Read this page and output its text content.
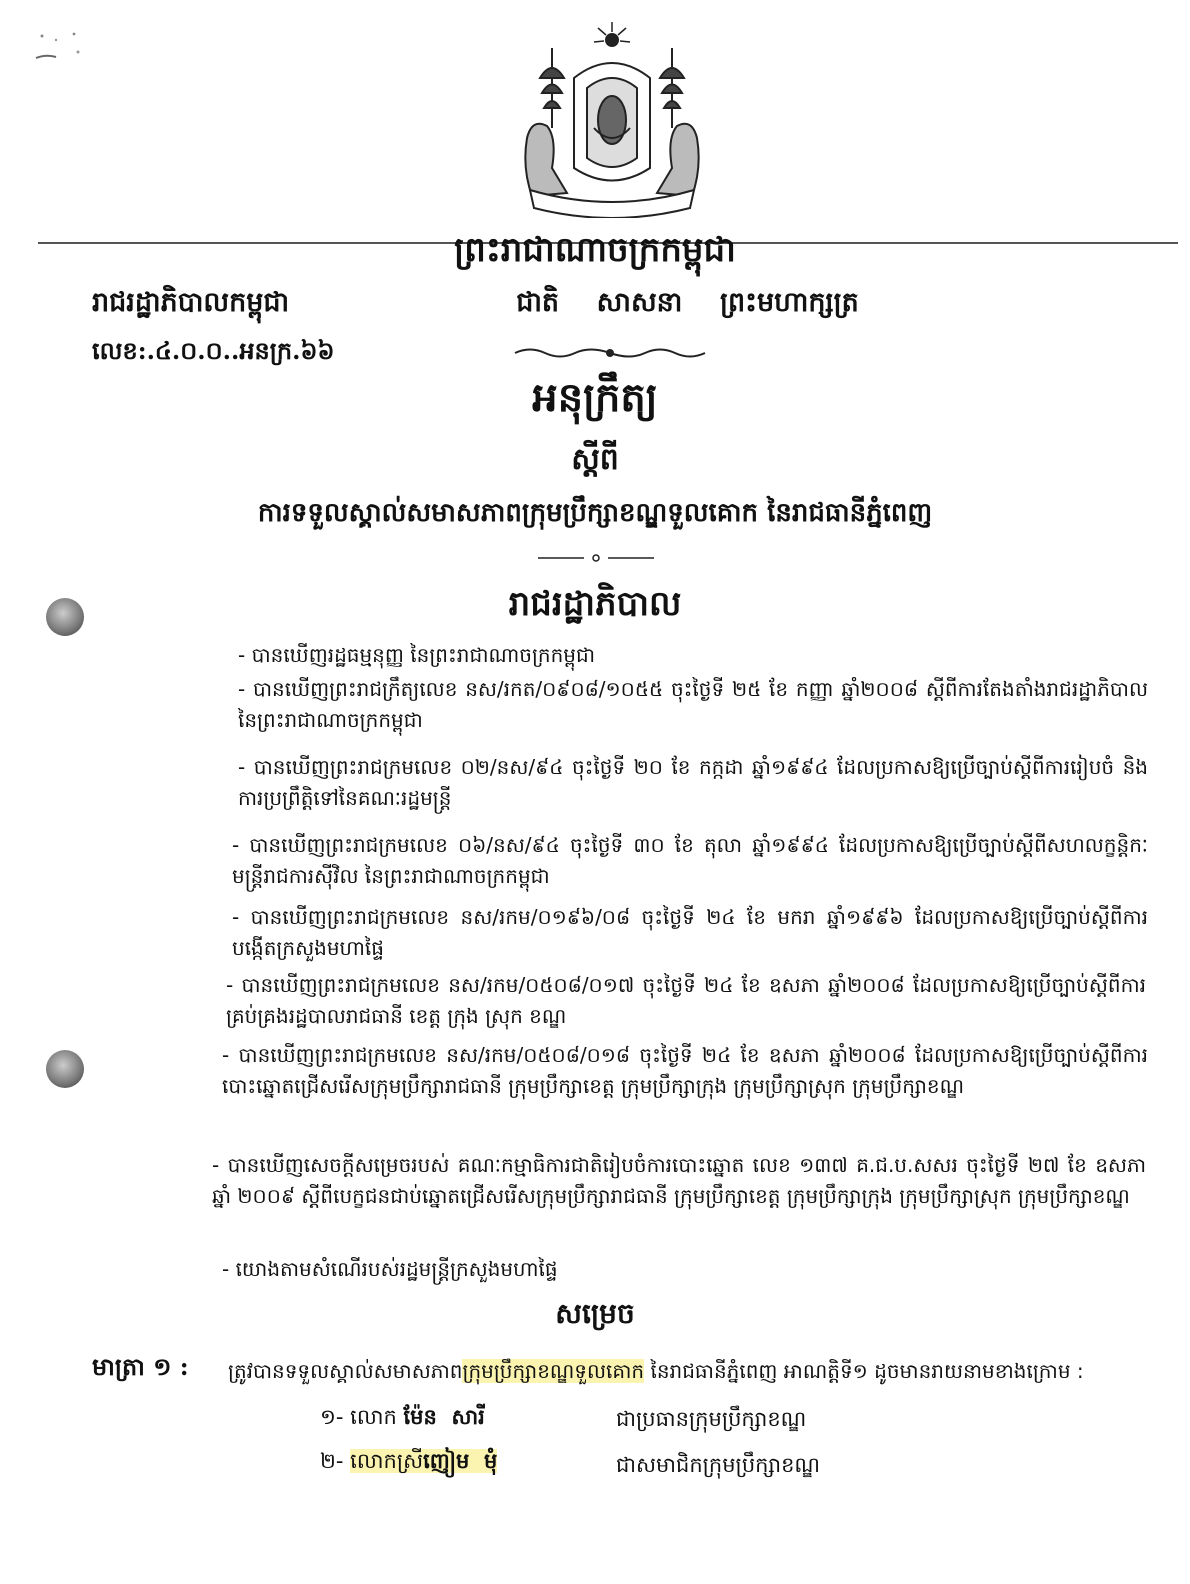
ព្រះរាជាណាចក្រកម្ពុជា
រាជរដ្ឋាភិបាលកម្ពុជា	ជាតិ    សាសនា    ព្រះមហាក្សត្រ
លេខ:.៤.០.០..អនក្រ.៦៦
អនុក្រឹត្យ
ស្តីពី
ការទទួលស្គាល់សមាសភាពក្រុមប្រឹក្សាខណ្ឌទួលគោក នៃរាជធានីភ្នំពេញ
រាជរដ្ឋាភិបាល
- បានឃើញរដ្ឋធម្មនុញ្ញ នៃព្រះរាជាណាចក្រកម្ពុជា
- បានឃើញព្រះរាជក្រឹត្យលេខ នស/រកត/០៩០៨/១០៥៥ ចុះថ្ងៃទី ២៥ ខែ កញ្ញា ឆ្នាំ២០០៨ ស្តីពីការតែងតាំងរាជរដ្ឋាភិបាល នៃព្រះរាជាណាចក្រកម្ពុជា
- បានឃើញព្រះរាជក្រមលេខ ០២/នស/៩៤ ចុះថ្ងៃទី ២០ ខែ កក្កដា ឆ្នាំ១៩៩៤ ដែលប្រកាសឱ្យប្រើច្បាប់ស្តីពីការរៀបចំ និងការប្រព្រឹត្តិទៅនៃគណៈរដ្ឋមន្ត្រី
- បានឃើញព្រះរាជក្រមលេខ ០៦/នស/៩៤ ចុះថ្ងៃទី ៣០ ខែ តុលា ឆ្នាំ១៩៩៤ ដែលប្រកាសឱ្យប្រើច្បាប់ស្តីពីសហលក្ខន្តិកៈមន្ត្រីរាជការស៊ីវិល នៃព្រះរាជាណាចក្រកម្ពុជា
- បានឃើញព្រះរាជក្រមលេខ នស/រកម/០១៩៦/០៨ ចុះថ្ងៃទី ២៤ ខែ មករា ឆ្នាំ១៩៩៦ ដែលប្រកាសឱ្យប្រើច្បាប់ស្តីពីការបង្កើតក្រសួងមហាផ្ទៃ
- បានឃើញព្រះរាជក្រមលេខ នស/រកម/០៥០៨/០១៧ ចុះថ្ងៃទី ២៤ ខែ ឧសភា ឆ្នាំ២០០៨ ដែលប្រកាសឱ្យប្រើច្បាប់ស្តីពីការគ្រប់គ្រងរដ្ឋបាលរាជធានី ខេត្ត ក្រុង ស្រុក ខណ្ឌ
- បានឃើញព្រះរាជក្រមលេខ នស/រកម/០៥០៨/០១៨ ចុះថ្ងៃទី ២៤ ខែ ឧសភា ឆ្នាំ២០០៨ ដែលប្រកាសឱ្យប្រើច្បាប់ស្តីពីការបោះឆ្នោតជ្រើសរើសក្រុមប្រឹក្សារាជធានី ក្រុមប្រឹក្សាខេត្ត ក្រុមប្រឹក្សាក្រុង ក្រុមប្រឹក្សាស្រុក ក្រុមប្រឹក្សាខណ្ឌ
- បានឃើញសេចក្តីសម្រេចរបស់ គណៈកម្មាធិការជាតិរៀបចំការបោះឆ្នោត លេខ ១៣៧ គ.ជ.ប.សសរ ចុះថ្ងៃទី ២៧ ខែ ឧសភា ឆ្នាំ ២០០៩ ស្តីពីបេក្ខជនជាប់ឆ្នោតជ្រើសរើសក្រុមប្រឹក្សារាជធានី ក្រុមប្រឹក្សាខេត្ត ក្រុមប្រឹក្សាក្រុង ក្រុមប្រឹក្សាស្រុក ក្រុមប្រឹក្សាខណ្ឌ
- យោងតាមសំណើរបស់រដ្ឋមន្ត្រីក្រសួងមហាផ្ទៃ
សម្រេច
មាត្រា ១ : ត្រូវបានទទួលស្គាល់សមាសភាពក្រុមប្រឹក្សាខណ្ឌទួលគោក នៃរាជធានីភ្នំពេញ អាណត្តិទី១ ដូចមានរាយនាមខាងក្រោម :
១- លោក ម៉ែន  សារី	ជាប្រធានក្រុមប្រឹក្សាខណ្ឌ
២- លោកស្រីញៀម  មុំ	ជាសមាជិកក្រុមប្រឹក្សាខណ្ឌ
